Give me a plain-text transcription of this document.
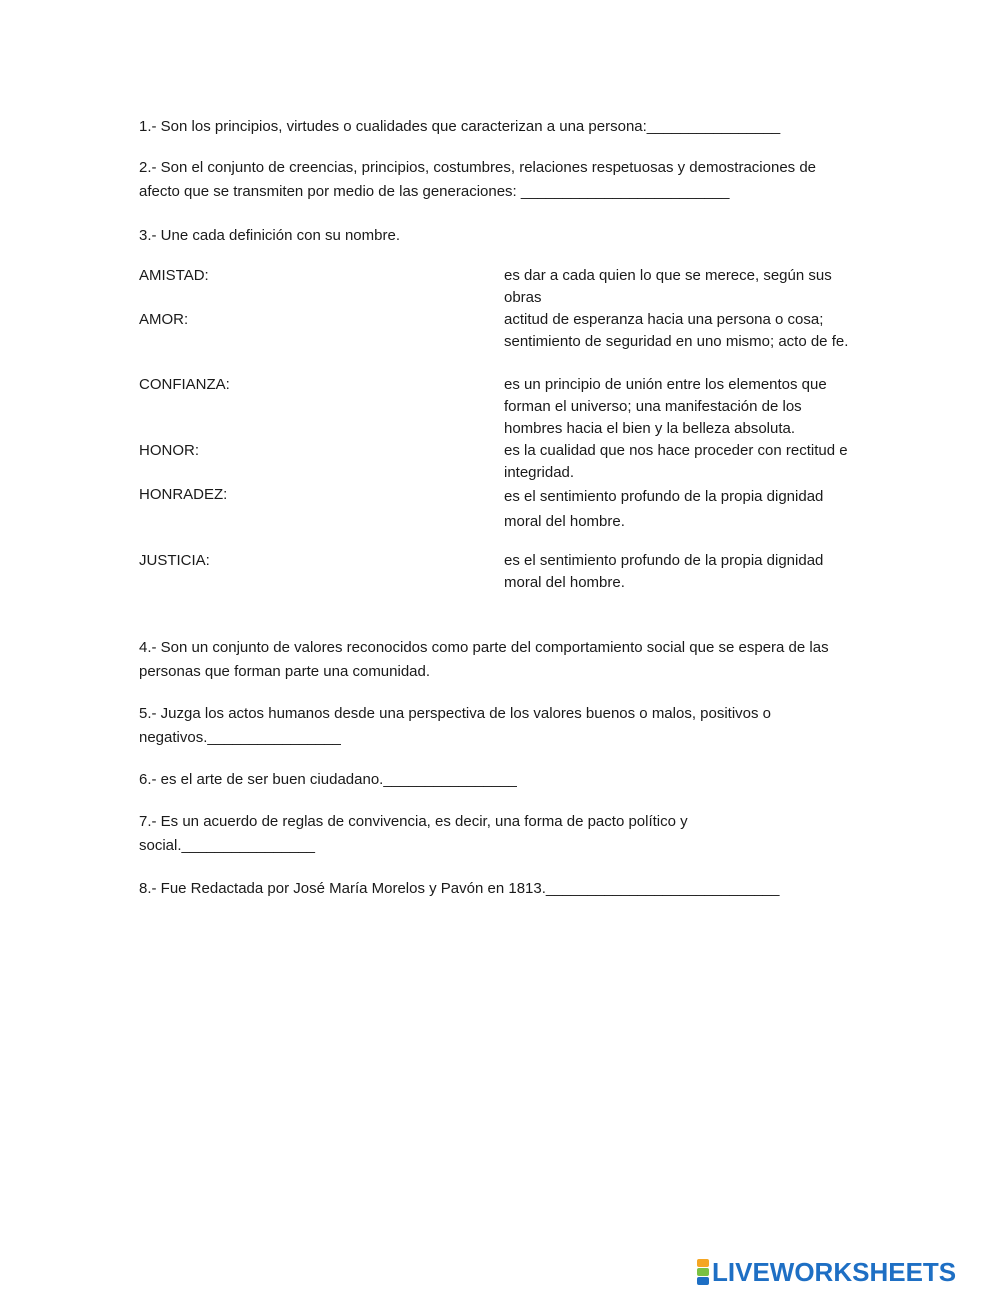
1.- Son los principios, virtudes o cualidades que caracterizan a una persona:________________

2.- Son el conjunto de creencias, principios, costumbres, relaciones respetuosas y demostraciones de afecto que se transmiten por medio de las generaciones: _________________________

3.- Une cada definición con su nombre.

AMISTAD:	es dar a cada quien lo que se merece, según sus obras
AMOR:	actitud de esperanza hacia una persona o cosa; sentimiento de seguridad en uno mismo; acto de fe.
CONFIANZA:	es un principio de unión entre los elementos que forman el universo; una manifestación de los hombres hacia el bien y la belleza absoluta.
HONOR:	es la cualidad que nos hace proceder con rectitud e integridad.
HONRADEZ:	es el sentimiento profundo de la propia dignidad moral del hombre.
JUSTICIA:	es el sentimiento profundo de la propia dignidad moral del hombre.

4.- Son un conjunto de valores reconocidos como parte del comportamiento social que se espera de las personas que forman parte una comunidad.

5.- Juzga los actos humanos desde una perspectiva de los valores buenos o malos, positivos o negativos.________________

6.- es el arte de ser buen ciudadano.________________

7.- Es un acuerdo de reglas de convivencia, es decir, una forma de pacto político y social.________________

8.- Fue Redactada por José María Morelos y Pavón en 1813.____________________________

LIVEWORKSHEETS
